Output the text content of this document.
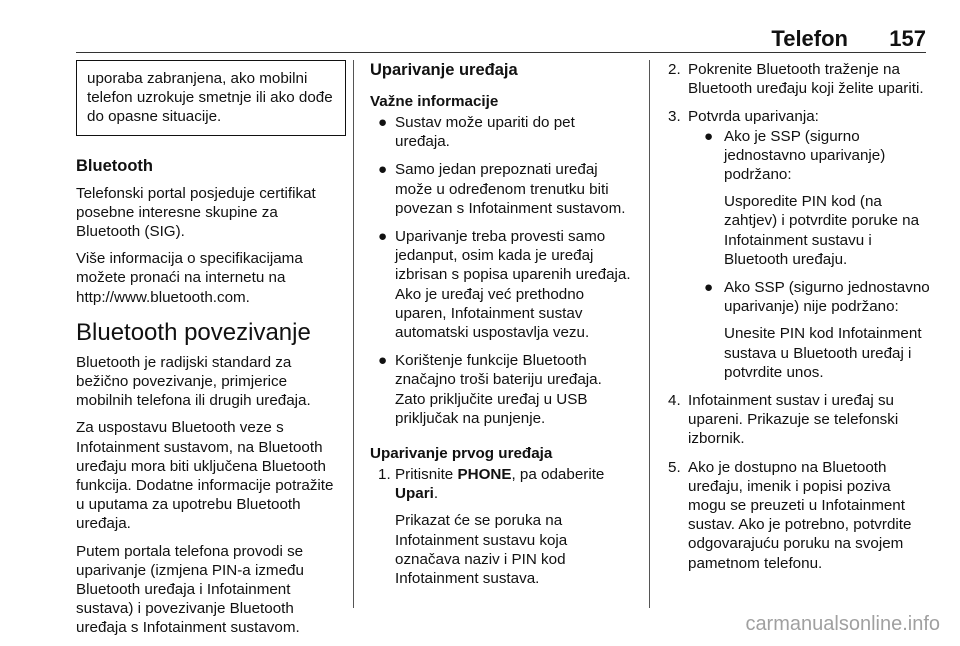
Telefon 157
uporaba zabranjena, ako mobilni telefon uzrokuje smetnje ili ako dođe do opasne situacije.
Bluetooth

Telefonski portal posjeduje certifikat posebne interesne skupine za Bluetooth (SIG).

Više informacija o specifikacijama možete pronaći na internetu na http://www.bluetooth.com.

Bluetooth povezivanje

Bluetooth je radijski standard za bežično povezivanje, primjerice mobilnih telefona ili drugih uređaja.

Za uspostavu Bluetooth veze s Infotainment sustavom, na Bluetooth uređaju mora biti uključena Bluetooth funkcija. Dodatne informacije potražite u uputama za upotrebu Bluetooth uređaja.

Putem portala telefona provodi se uparivanje (izmjena PIN-a između Bluetooth uređaja i Infotainment sustava) i povezivanje Bluetooth uređaja s Infotainment sustavom.

Uparivanje uređaja
Važne informacije
● Sustav može upariti do pet uređaja.
● Samo jedan prepoznati uređaj može u određenom trenutku biti povezan s Infotainment sustavom.
● Uparivanje treba provesti samo jedanput, osim kada je uređaj izbrisan s popisa uparenih uređaja. Ako je uređaj već prethodno uparen, Infotainment sustav automatski uspostavlja vezu.
● Korištenje funkcije Bluetooth značajno troši bateriju uređaja. Zato priključite uređaj u USB priključak na punjenje.
Uparivanje prvog uređaja
1. Pritisnite PHONE, pa odaberite Upari.
Prikazat će se poruka na Infotainment sustavu koja označava naziv i PIN kod Infotainment sustava.
2. Pokrenite Bluetooth traženje na Bluetooth uređaju koji želite upariti.
3. Potvrda uparivanja:
● Ako je SSP (sigurno jednostavno uparivanje) podržano:
Usporedite PIN kod (na zahtjev) i potvrdite poruke na Infotainment sustavu i Bluetooth uređaju.
● Ako SSP (sigurno jednostavno uparivanje) nije podržano:
Unesite PIN kod Infotainment sustava u Bluetooth uređaj i potvrdite unos.
4. Infotainment sustav i uređaj su upareni. Prikazuje se telefonski izbornik.
5. Ako je dostupno na Bluetooth uređaju, imenik i popisi poziva mogu se preuzeti u Infotainment sustav. Ako je potrebno, potvrdite odgovarajuću poruku na svojem pametnom telefonu.
carmanualsonline.info
